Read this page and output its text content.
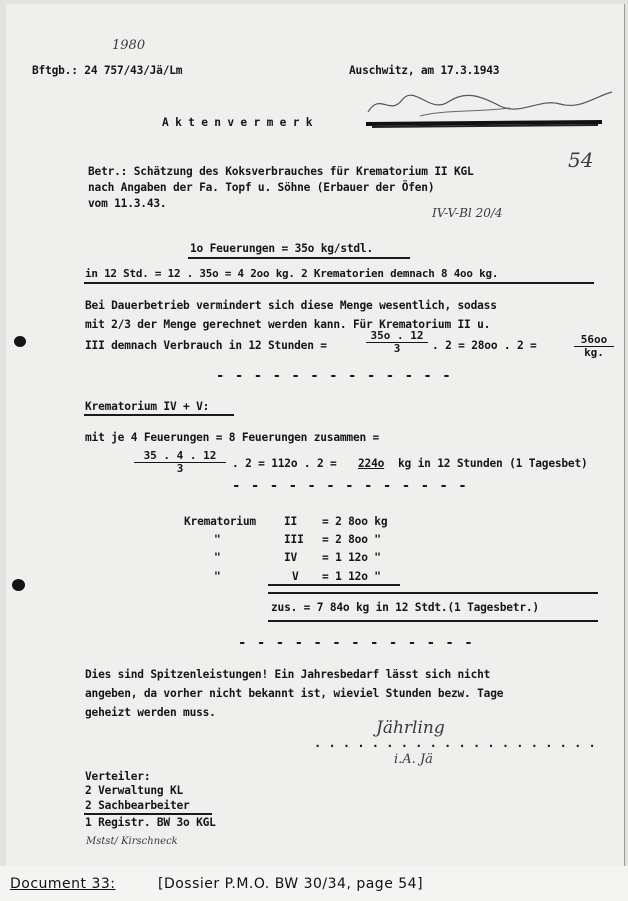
1980
Bftgb.: 24 757/43/Jä/Lm	Auschwitz, am 17.3.1943
A k t e n v e r m e r k
54
Betr.: Schätzung des Koksverbrauches für Krematorium II KGL
nach Angaben der Fa. Topf u. Söhne (Erbauer der Öfen)
vom 11.3.43.
IV-V-Bl 20/4
1o Feuerungen = 35o kg/stdl.
in 12 Std. = 12 . 35o = 4 2oo kg. 2 Krematorien demnach 8 4oo kg.
Bei Dauerbetrieb vermindert sich diese Menge wesentlich, sodass
mit 2/3 der Menge gerechnet werden kann. Für Krematorium II u.
III demnach Verbrauch in 12 Stunden =	$\frac{35o . 12}{3}$ . 2 = 28oo . 2 =	$\frac{56oo}{kg.}$
- - - - - - - - - - - - -
Krematorium IV + V:
mit je 4 Feuerungen = 8 Feuerungen zusammen =
$\frac{35 . 4 . 12}{3}$ . 2 = 112o . 2 = 224o kg in 12 Stunden (1 Tagesbet)
- - - - - - - - - - - - -
Krematorium	II = 2 8oo kg
"	III = 2 8oo "
"	IV = 1 12o "
"	V = 1 12o "
zus. = 7 84o kg in 12 Stdt.(1 Tagesbetr.)
- - - - - - - - - - - - -
Dies sind Spitzenleistungen! Ein Jahresbedarf lässt sich nicht
angeben, da vorher nicht bekannt ist, wieviel Stunden bezw. Tage
geheizt werden muss.
. . . . . . . . . . . . . . . . . . . .
Jährling
i.A. Jä
Verteiler:
2 Verwaltung KL
2 Sachbearbeiter
1 Registr. BW 3o KGL
Mstst/ Kirschneck
Document 33:	[Dossier P.M.O. BW 30/34, page 54]
